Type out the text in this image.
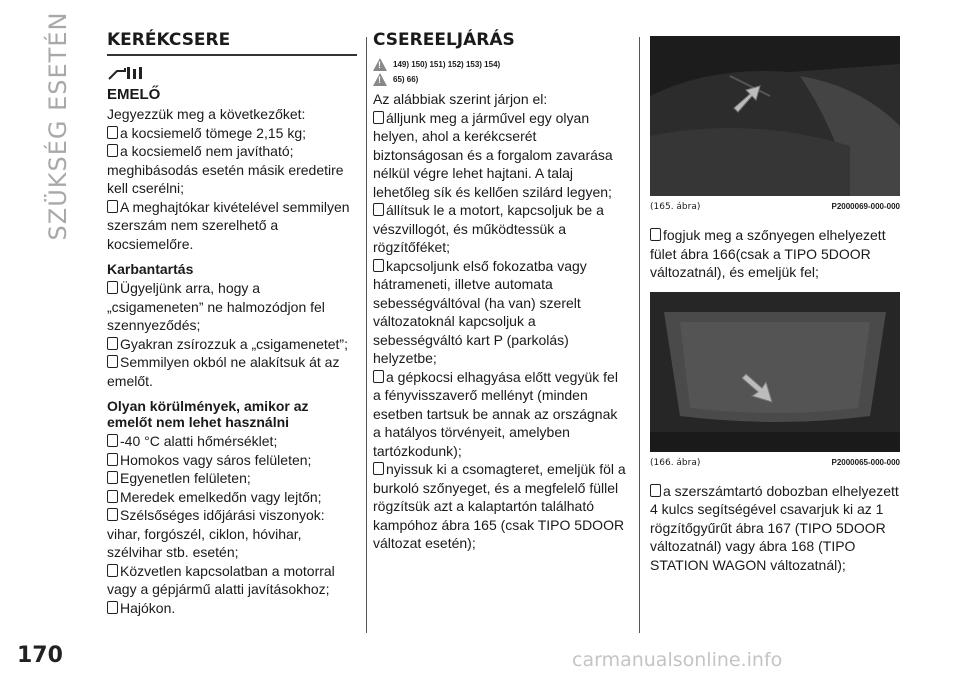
SZÜKSÉG ESETÉN KERÉKCSERE
EMELŐ

Jegyezzük meg a következőket:

a kocsiemelő tömege 2,15 kg;

a kocsiemelő nem javítható; meghibásodás esetén másik eredetire kell cserélni;

A meghajtókar kivételével semmilyen szerszám nem szerelhető a kocsiemelőre.

Karbantartás

Ügyeljünk arra, hogy a „csigameneten” ne halmozódjon fel szennyeződés;

Gyakran zsírozzuk a „csigamenetet”;

Semmilyen okból ne alakítsuk át az emelőt.

Olyan körülmények, amikor az emelőt nem lehet használni

-40 °C alatti hőmérséklet;

Homokos vagy sáros felületen;

Egyenetlen felületen;

Meredek emelkedőn vagy lejtőn;

Szélsőséges időjárási viszonyok: vihar, forgószél, ciklon, hóvihar, szélvihar stb. esetén;

Közvetlen kapcsolatban a motorral vagy a gépjármű alatti javításokhoz;

Hajókon.

CSEREELJÁRÁS
!
149) 150) 151) 152) 153) 154)
!
65) 66)

Az alábbiak szerint járjon el:

álljunk meg a járművel egy olyan helyen, ahol a kerékcserét biztonságosan és a forgalom zavarása nélkül végre lehet hajtani. A talaj lehetőleg sík és kellően szilárd legyen;

állítsuk le a motort, kapcsoljuk be a vészvillogót, és működtessük a rögzítőféket;

kapcsoljunk első fokozatba vagy hátrameneti, illetve automata sebességváltóval (ha van) szerelt változatoknál kapcsoljuk a sebességváltó kart P (parkolás) helyzetbe;

a gépkocsi elhagyása előtt vegyük fel a fényvisszaverő mellényt (minden esetben tartsuk be annak az országnak a hatályos törvényeit, amelyben tartózkodunk);

nyissuk ki a csomagteret, emeljük föl a burkoló szőnyeget, és a megfelelő füllel rögzítsük azt a kalaptartón található kampóhoz ábra 165 (csak TIPO 5DOOR változat esetén);

(165. ábra)	P2000069-000-000

fogjuk meg a szőnyegen elhelyezett fület ábra 166(csak a TIPO 5DOOR változatnál), és emeljük fel;

(166. ábra)	P2000065-000-000

a szerszámtartó dobozban elhelyezett 4 kulcs segítségével csavarjuk ki az 1 rögzítőgyűrűt ábra 167 (TIPO 5DOOR változatnál) vagy ábra 168 (TIPO STATION WAGON változatnál);

170	carmanualsonline.info
